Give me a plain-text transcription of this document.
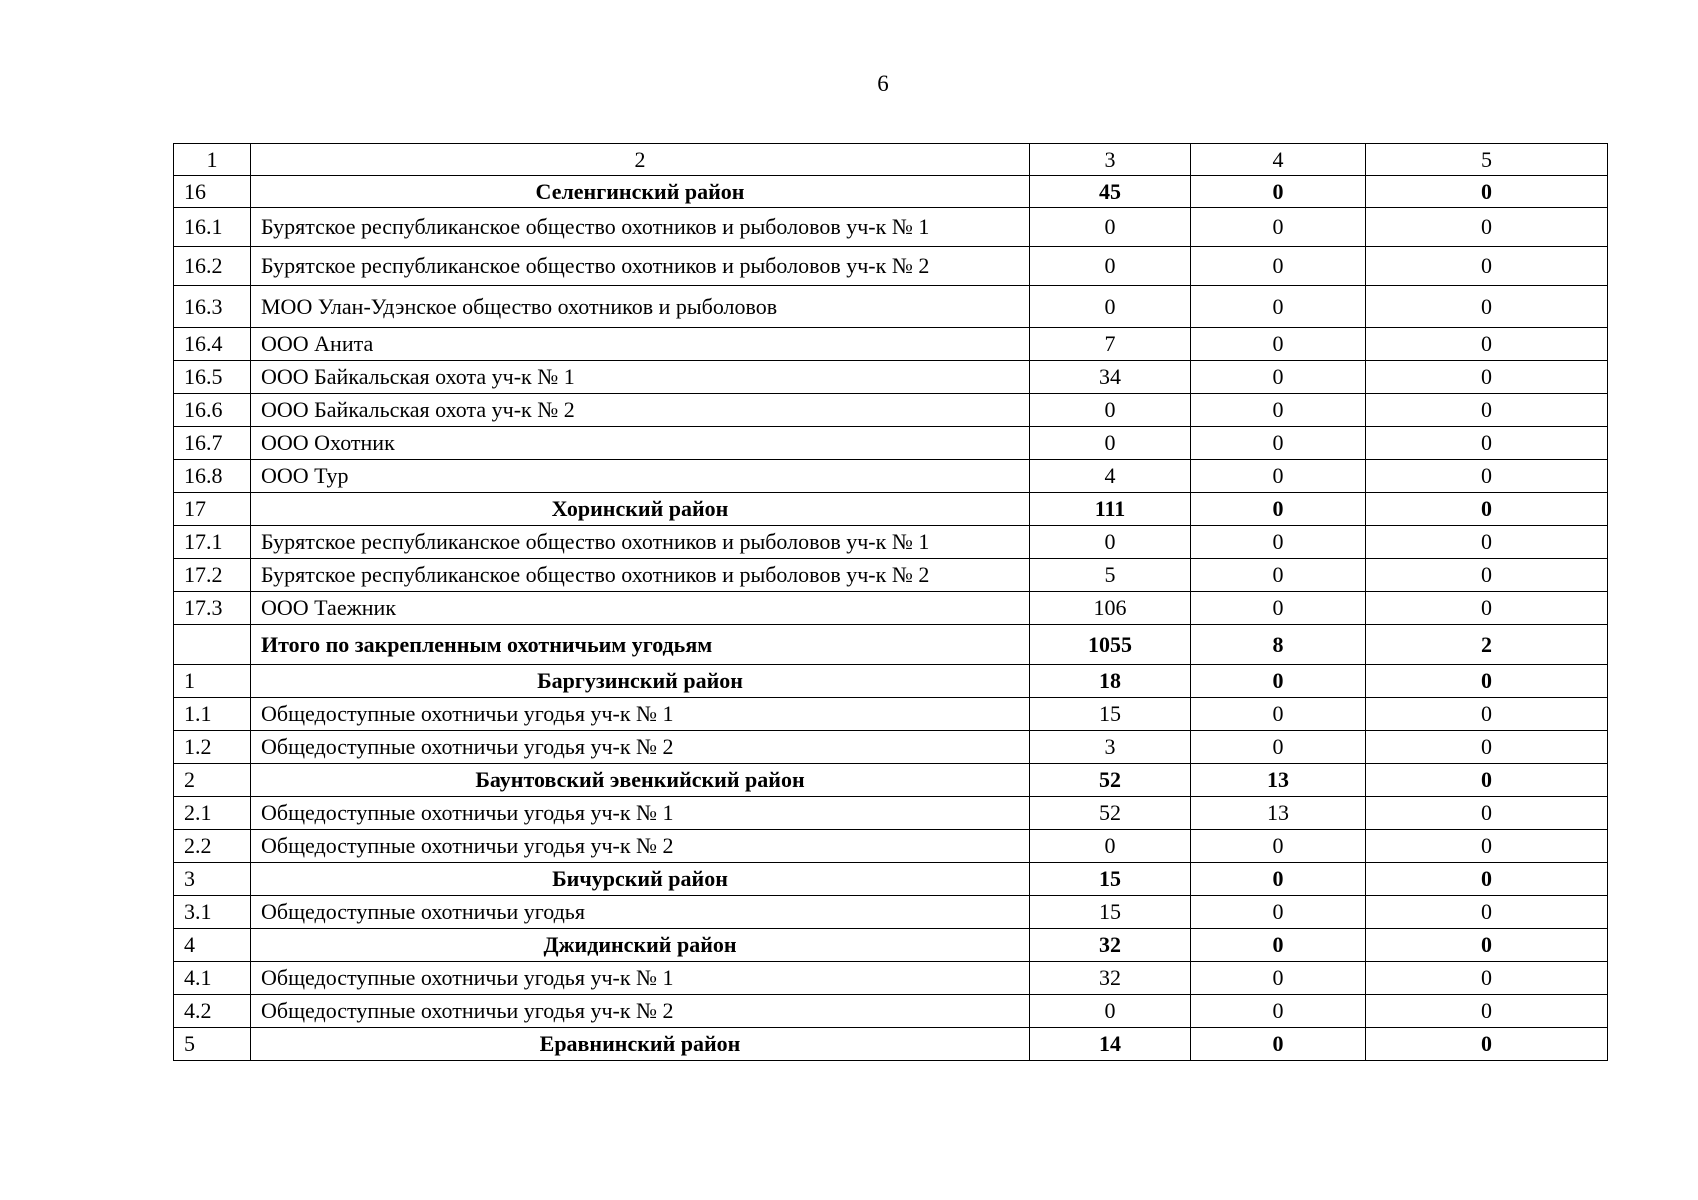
6
1	2	3	4	5
16	Селенгинский район	45	0	0
16.1	Бурятское республиканское общество охотников и рыболовов уч-к № 1	0	0	0
16.2	Бурятское республиканское общество охотников и рыболовов уч-к № 2	0	0	0
16.3	МОО Улан-Удэнское общество охотников и рыболовов	0	0	0
16.4	ООО Анита	7	0	0
16.5	ООО Байкальская охота уч-к № 1	34	0	0
16.6	ООО Байкальская охота уч-к № 2	0	0	0
16.7	ООО Охотник	0	0	0
16.8	ООО Тур	4	0	0
17	Хоринский район	111	0	0
17.1	Бурятское республиканское общество охотников и рыболовов уч-к № 1	0	0	0
17.2	Бурятское республиканское общество охотников и рыболовов уч-к № 2	5	0	0
17.3	ООО Таежник	106	0	0
	Итого по закрепленным охотничьим угодьям	1055	8	2
1	Баргузинский район	18	0	0
1.1	Общедоступные охотничьи угодья уч-к № 1	15	0	0
1.2	Общедоступные охотничьи угодья уч-к № 2	3	0	0
2	Баунтовский эвенкийский район	52	13	0
2.1	Общедоступные охотничьи угодья уч-к № 1	52	13	0
2.2	Общедоступные охотничьи угодья уч-к № 2	0	0	0
3	Бичурский район	15	0	0
3.1	Общедоступные охотничьи угодья	15	0	0
4	Джидинский район	32	0	0
4.1	Общедоступные охотничьи угодья уч-к № 1	32	0	0
4.2	Общедоступные охотничьи угодья уч-к № 2	0	0	0
5	Еравнинский район	14	0	0
